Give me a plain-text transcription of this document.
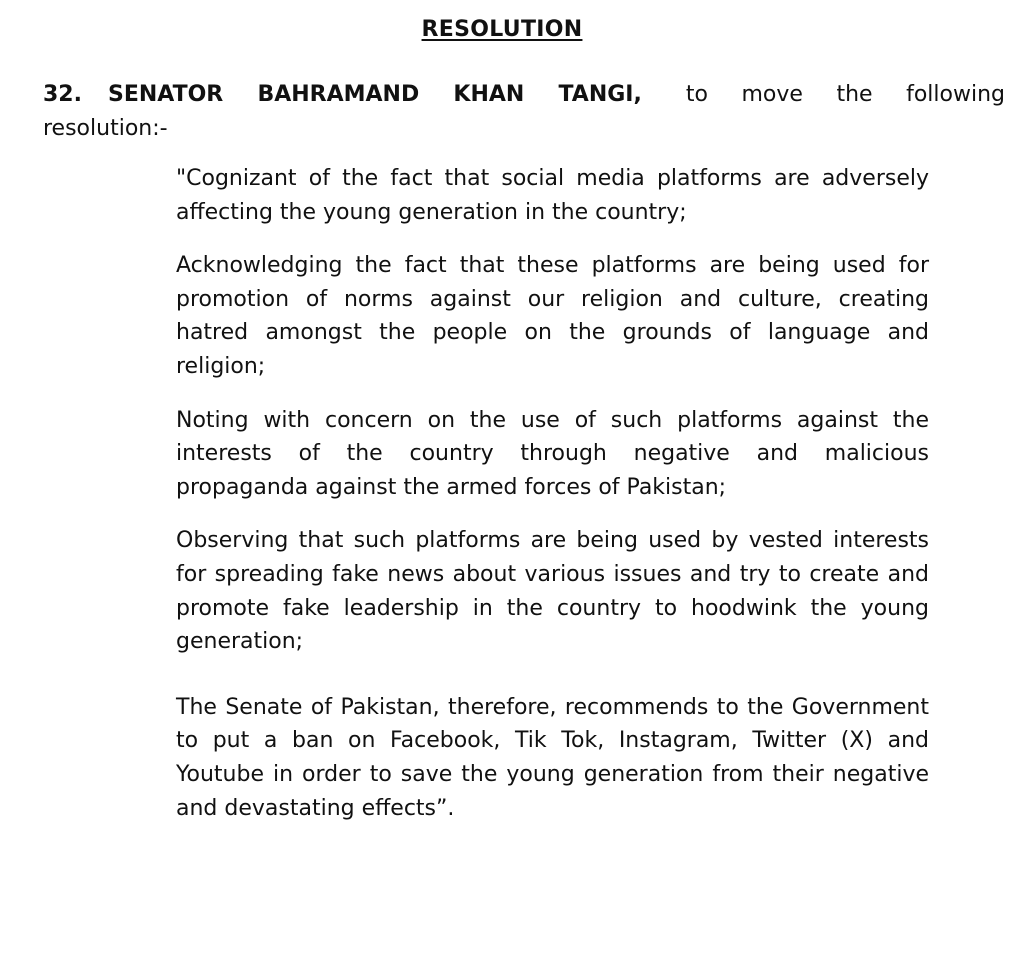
RESOLUTION
32. SENATOR BAHRAMAND KHAN TANGI, to move the following resolution:-

"Cognizant of the fact that social media platforms are adversely affecting the young generation in the country;

Acknowledging the fact that these platforms are being used for promotion of norms against our religion and culture, creating hatred amongst the people on the grounds of language and religion;

Noting with concern on the use of such platforms against the interests of the country through negative and malicious propaganda against the armed forces of Pakistan;

Observing that such platforms are being used by vested interests for spreading fake news about various issues and try to create and promote fake leadership in the country to hoodwink the young generation;

The Senate of Pakistan, therefore, recommends to the Government to put a ban on Facebook, Tik Tok, Instagram, Twitter (X) and Youtube in order to save the young generation from their negative and devastating effects”.
